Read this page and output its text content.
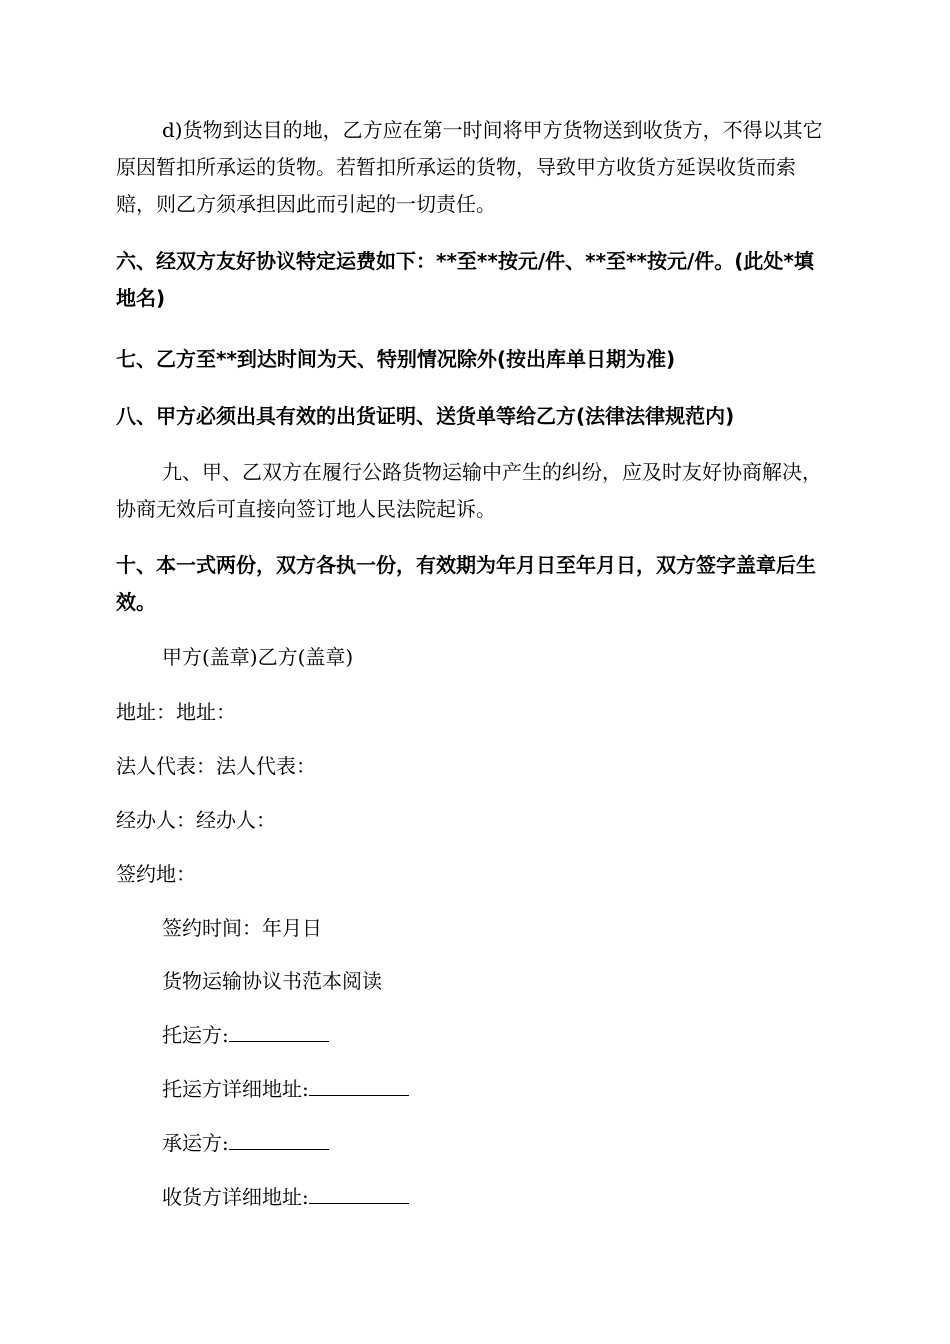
d)货物到达目的地，乙方应在第一时间将甲方货物送到收货方，不得以其它原因暂扣所承运的货物。若暂扣所承运的货物，导致甲方收货方延误收货而索赔，则乙方须承担因此而引起的一切责任。
六、经双方友好协议特定运费如下：**至**按元/件、**至**按元/件。(此处*填地名)
七、乙方至**到达时间为天、特别情况除外(按出库单日期为准)
八、甲方必须出具有效的出货证明、送货单等给乙方(法律法律规范内)
九、甲、乙双方在履行公路货物运输中产生的纠纷，应及时友好协商解决，协商无效后可直接向签订地人民法院起诉。
十、本一式两份，双方各执一份，有效期为年月日至年月日，双方签字盖章后生效。
甲方(盖章)乙方(盖章)
地址：地址：
法人代表：法人代表：
经办人：经办人：
签约地：
签约时间：年月日
货物运输协议书范本阅读
托运方:
托运方详细地址:
承运方:
收货方详细地址:
